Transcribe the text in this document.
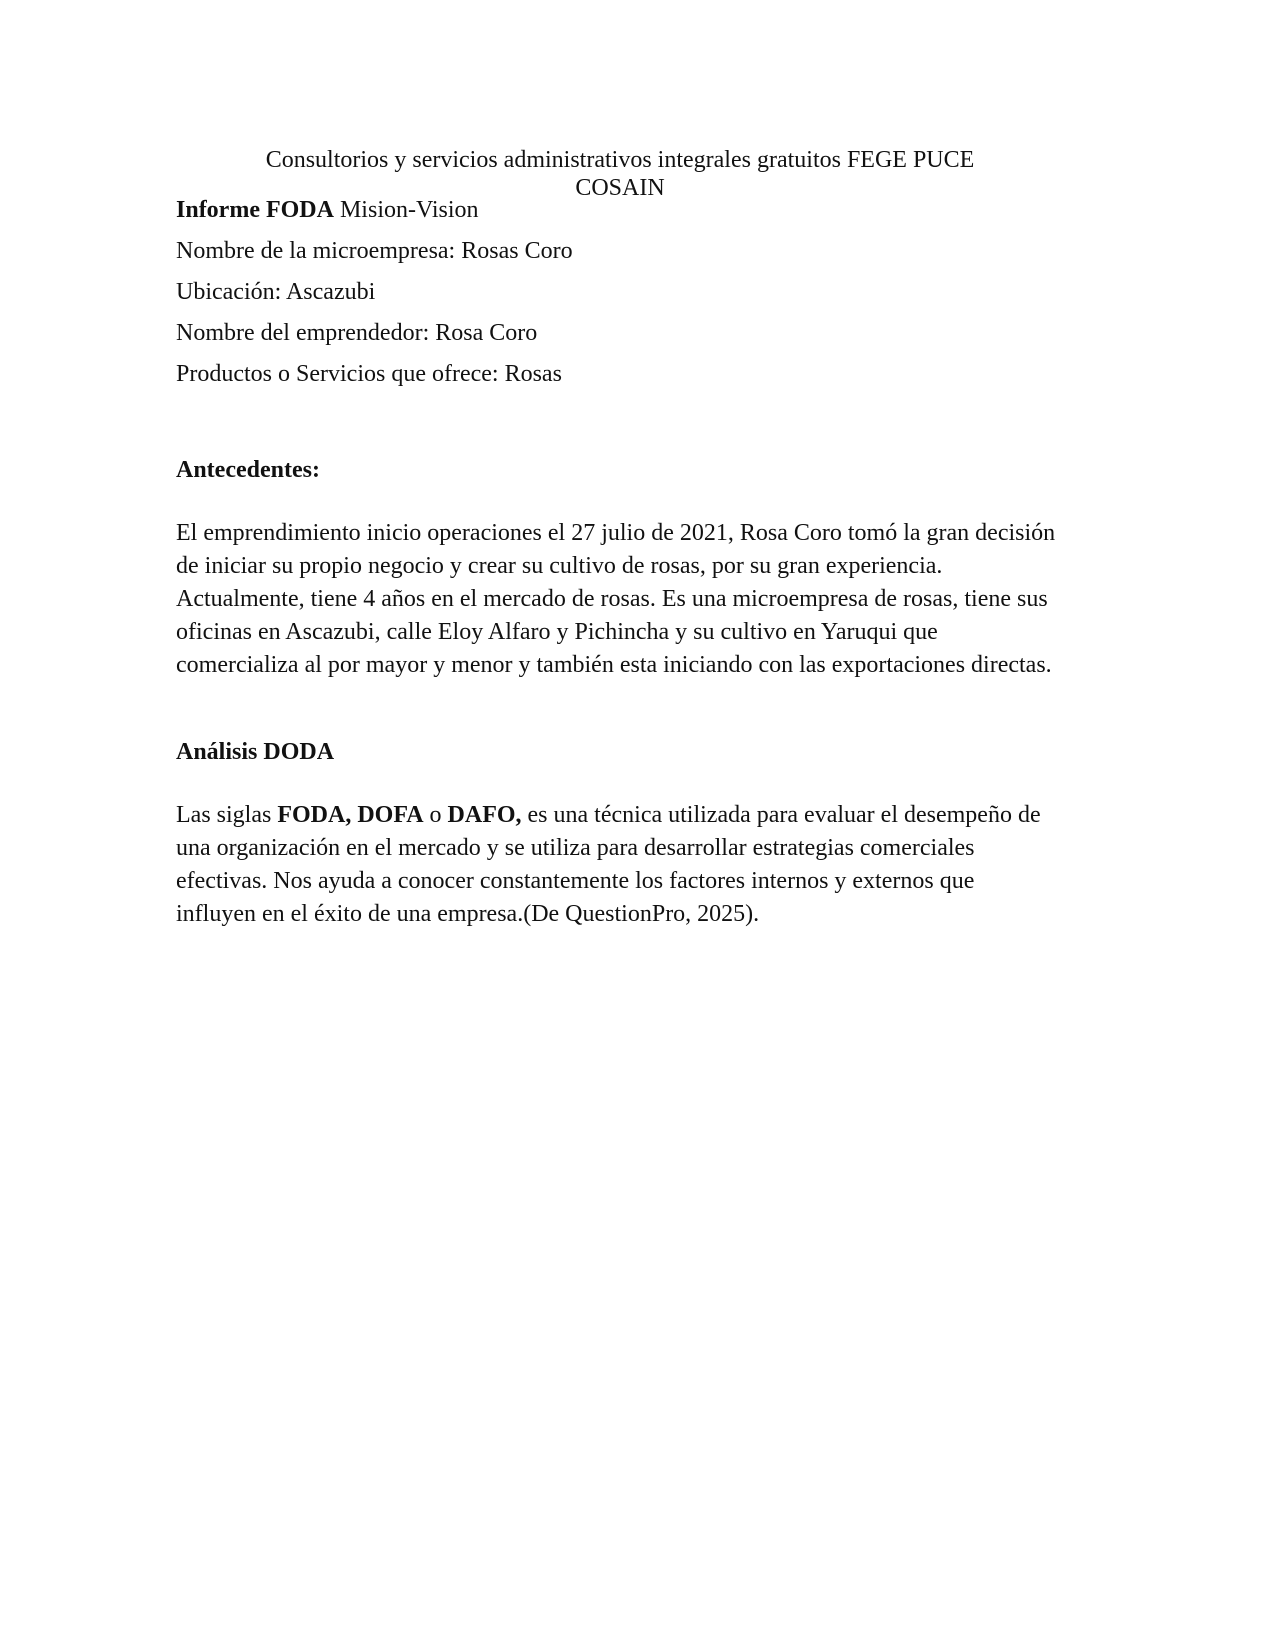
Consultorios y servicios administrativos integrales gratuitos FEGE PUCE
COSAIN
Informe FODA Mision-Vision
Nombre de la microempresa: Rosas Coro
Ubicación: Ascazubi
Nombre del emprendedor: Rosa Coro
Productos o Servicios que ofrece: Rosas
Antecedentes:
El emprendimiento inicio operaciones el 27 julio de 2021, Rosa Coro tomó la gran decisión
de iniciar su propio negocio y crear su cultivo de rosas, por su gran experiencia.
Actualmente, tiene 4 años en el mercado de rosas. Es una microempresa de rosas, tiene sus
oficinas en Ascazubi, calle Eloy Alfaro y Pichincha y su cultivo en Yaruqui que
comercializa al por mayor y menor y también esta iniciando con las exportaciones directas.
Análisis DODA
Las siglas FODA, DOFA o DAFO, es una técnica utilizada para evaluar el desempeño de
una organización en el mercado y se utiliza para desarrollar estrategias comerciales
efectivas. Nos ayuda a conocer constantemente los factores internos y externos que
influyen en el éxito de una empresa.(De QuestionPro, 2025).
